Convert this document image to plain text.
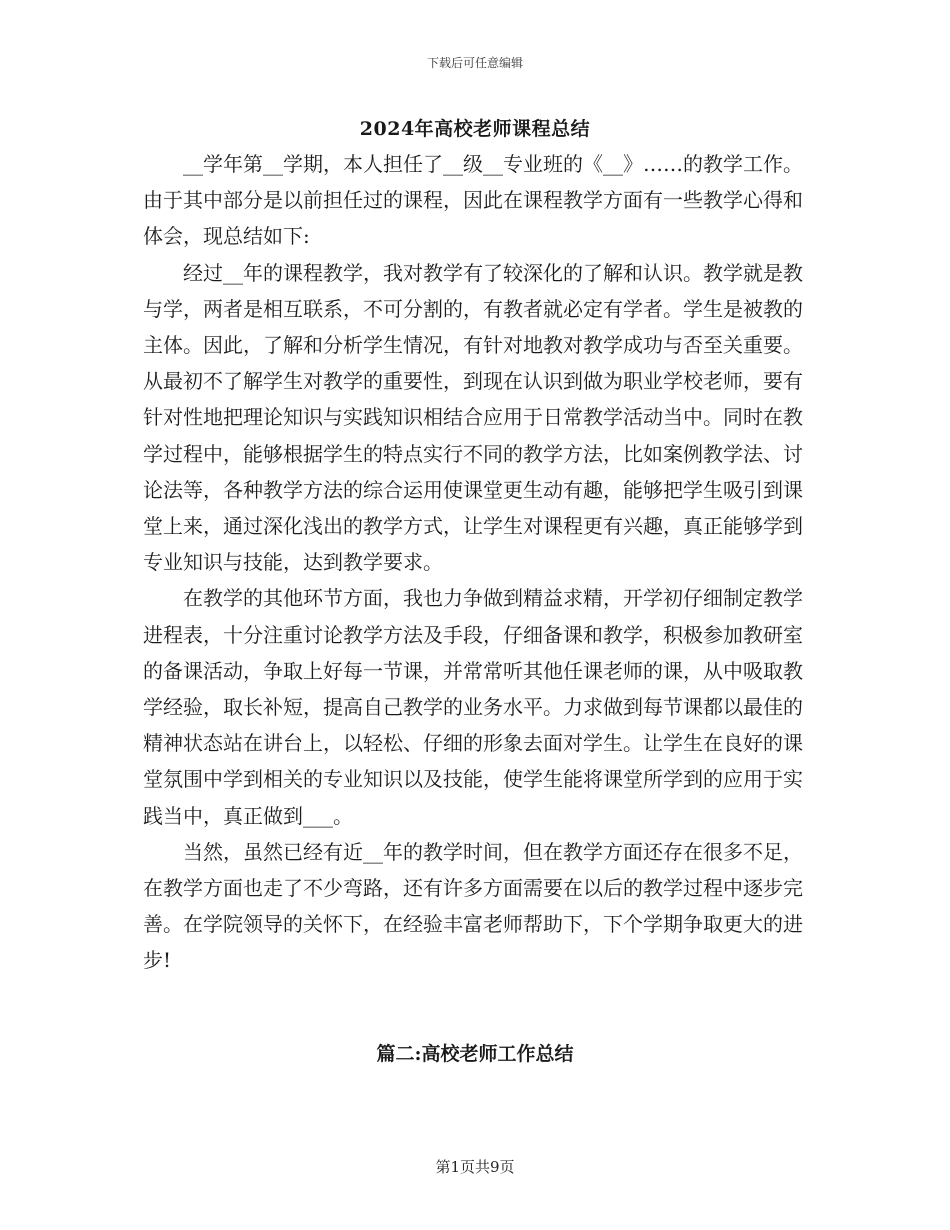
下载后可任意编辑
2024年高校老师课程总结

__学年第__学期，本人担任了__级__专业班的《__》……的教学工作。由于其中部分是以前担任过的课程，因此在课程教学方面有一些教学心得和体会，现总结如下:

经过__年的课程教学，我对教学有了较深化的了解和认识。教学就是教与学，两者是相互联系，不可分割的，有教者就必定有学者。学生是被教的主体。因此，了解和分析学生情况，有针对地教对教学成功与否至关重要。从最初不了解学生对教学的重要性，到现在认识到做为职业学校老师，要有针对性地把理论知识与实践知识相结合应用于日常教学活动当中。同时在教学过程中，能够根据学生的特点实行不同的教学方法，比如案例教学法、讨论法等，各种教学方法的综合运用使课堂更生动有趣，能够把学生吸引到课堂上来，通过深化浅出的教学方式，让学生对课程更有兴趣，真正能够学到专业知识与技能，达到教学要求。

在教学的其他环节方面，我也力争做到精益求精，开学初仔细制定教学进程表，十分注重讨论教学方法及手段，仔细备课和教学，积极参加教研室的备课活动，争取上好每一节课，并常常听其他任课老师的课，从中吸取教学经验，取长补短，提高自己教学的业务水平。力求做到每节课都以最佳的精神状态站在讲台上，以轻松、仔细的形象去面对学生。让学生在良好的课堂氛围中学到相关的专业知识以及技能，使学生能将课堂所学到的应用于实践当中，真正做到___。

当然，虽然已经有近__年的教学时间，但在教学方面还存在很多不足，在教学方面也走了不少弯路，还有许多方面需要在以后的教学过程中逐步完善。在学院领导的关怀下，在经验丰富老师帮助下，下个学期争取更大的进步!

篇二:高校老师工作总结
第1页共9页
